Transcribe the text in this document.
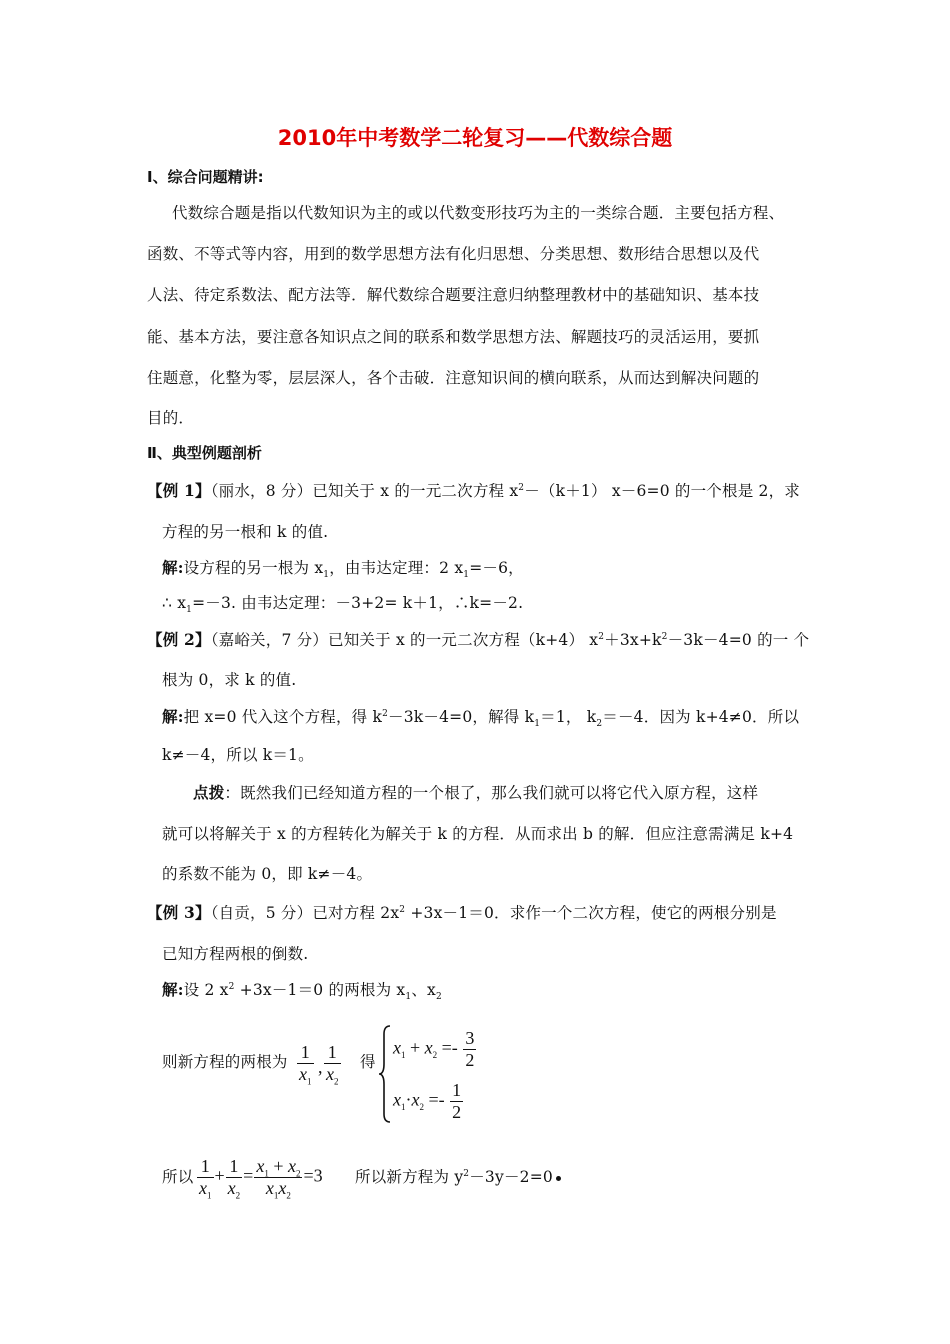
2010年中考数学二轮复习——代数综合题
Ⅰ、综合问题精讲:
代数综合题是指以代数知识为主的或以代数变形技巧为主的一类综合题．主要包括方程、
函数、不等式等内容，用到的数学思想方法有化归思想、分类思想、数形结合思想以及代
人法、待定系数法、配方法等．解代数综合题要注意归纳整理教材中的基础知识、基本技
能、基本方法，要注意各知识点之间的联系和数学思想方法、解题技巧的灵活运用，要抓
住题意，化整为零，层层深人，各个击破．注意知识间的横向联系，从而达到解决问题的
目的．
Ⅱ、典型例题剖析
【例 1】（丽水，8 分）已知关于 x 的一元二次方程 $x^2-(k+1)$ x－6=0 的一个根是 2，求
方程的另一根和 k 的值.
解:设方程的另一根为 $x_1$，由韦达定理：2 $x_1=-6$，
∴ $x_1=-3$. 由韦达定理：－3+2= k＋1，∴k=－2.
【例 2】（嘉峪关，7 分）已知关于 x 的一元二次方程（k+4） $x^2+3x+k^2-3k-4=0$ 的一 个
根为 0，求 k 的值.
解:把 x=0 代入这个方程，得 $k^2-3k-4=0$，解得 $k_1=1$， $k_2=-4$．因为 k+4≠0．所以
k≠－4，所以 k＝1。
点拨：既然我们已经知道方程的一个根了，那么我们就可以将它代入原方程，这样
就可以将解关于 x 的方程转化为解关于 k 的方程．从而求出 b 的解．但应注意需满足 k+4
的系数不能为 0，即 k≠－4。
【例 3】（自贡，5 分）已对方程 $2x^2 +3x-1=0$．求作一个二次方程，使它的两根分别是
已知方程两根的倒数.
解:设 2 $x^2 +3x-1=0$ 的两根为 $x_1$、$x_2$
则新方程的两根为 $\frac{1}{x_1}$ , $\frac{1}{x_2}$ 得
$x_1 + x_2 =- \frac{3}{2}$
$x_1\cdot x_2 =- \frac{1}{2}$
所以 $\frac{1}{x_1} + \frac{1}{x_2} = \frac{x_1 + x_2}{x_1x_2} =3$ 所以新方程为 $y^2-3y-2=0$
